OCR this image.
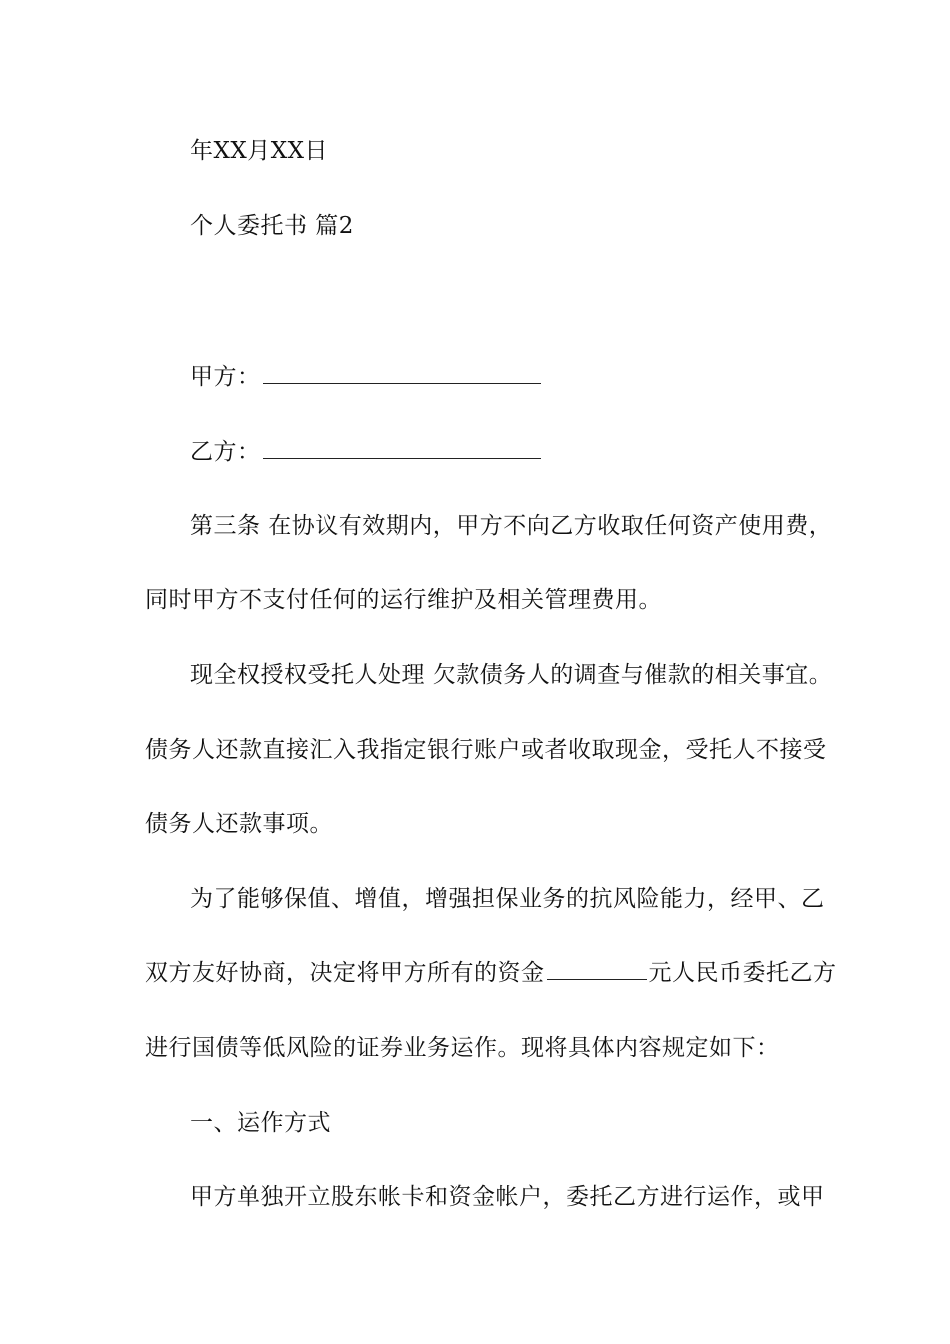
年XX月XX日
个人委托书 篇2
甲方：
乙方：
第三条 在协议有效期内，甲方不向乙方收取任何资产使用费，
同时甲方不支付任何的运行维护及相关管理费用。
现全权授权受托人处理 欠款债务人的调查与催款的相关事宜。
债务人还款直接汇入我指定银行账户或者收取现金，受托人不接受
债务人还款事项。
为了能够保值、增值，增强担保业务的抗风险能力，经甲、乙
双方友好协商，决定将甲方所有的资金	元人民币委托乙方
进行国债等低风险的证券业务运作。现将具体内容规定如下：
一、运作方式
甲方单独开立股东帐卡和资金帐户，委托乙方进行运作，或甲
